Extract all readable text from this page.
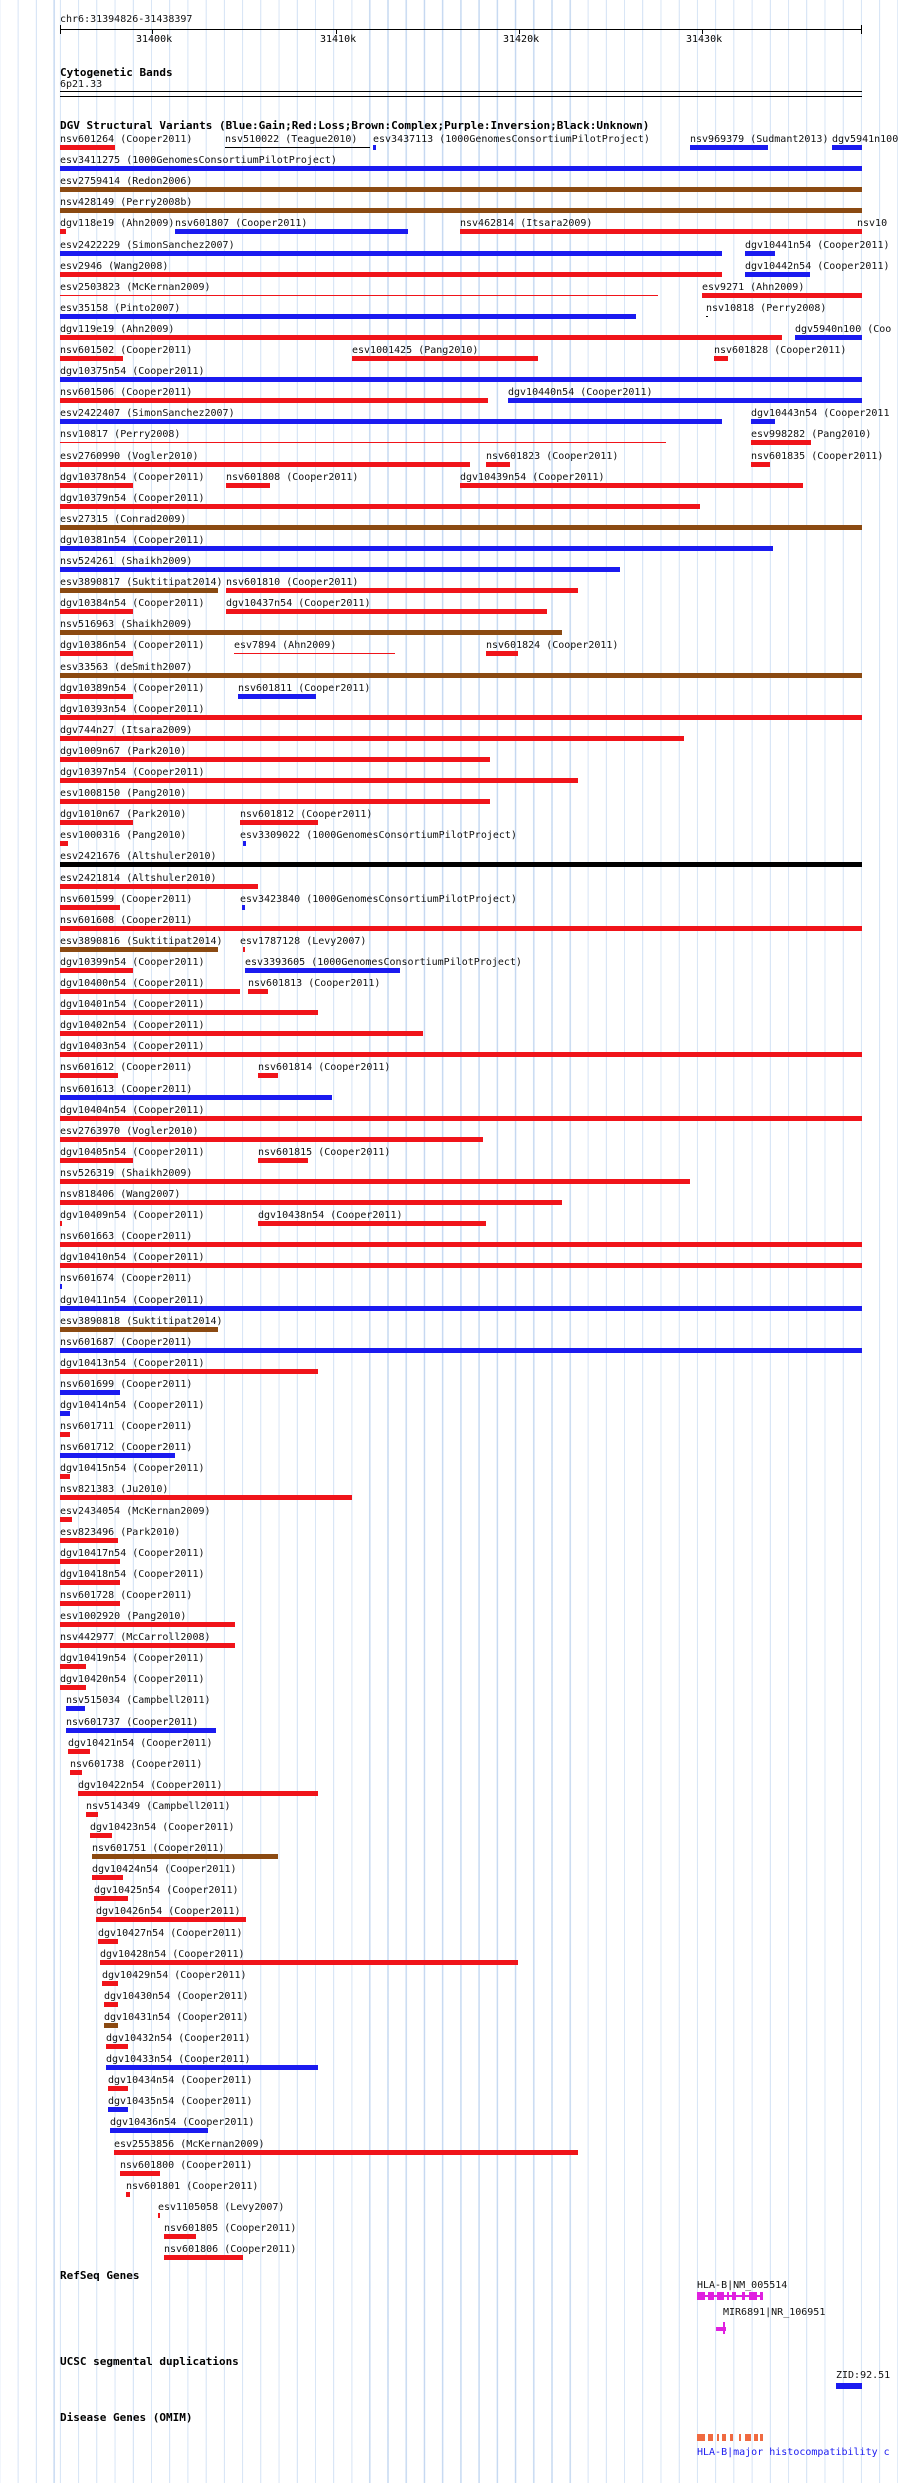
chr6:31394826-31438397
31400k	31410k	31420k	31430k
Cytogenetic Bands
6p21.33
DGV Structural Variants (Blue:Gain;Red:Loss;Brown:Complex;Purple:Inversion;Black:Unknown)
nsv601264 (Cooper2011)	nsv510022 (Teague2010) esv3437113 (1000GenomesConsortiumPilotProject)	nsv969379 (Sudmant2013) dgv5941n100
esv3411275 (1000GenomesConsortiumPilotProject)
esv2759414 (Redon2006)
nsv428149 (Perry2008b)
dgv118e19 (Ahn2009) nsv601807 (Cooper2011)	nsv462814 (Itsara2009)	nsv10
esv2422229 (SimonSanchez2007)	dgv10441n54 (Cooper2011)
esv2946 (Wang2008)	dgv10442n54 (Cooper2011)
esv2503823 (McKernan2009)	esv9271 (Ahn2009)
esv35158 (Pinto2007)	nsv10818 (Perry2008)
dgv119e19 (Ahn2009)	dgv5940n100 (Coo
nsv601502 (Cooper2011)	esv1001425 (Pang2010)	nsv601828 (Cooper2011)
dgv10375n54 (Cooper2011)
nsv601506 (Cooper2011)	dgv10440n54 (Cooper2011)
esv2422407 (SimonSanchez2007)	dgv10443n54 (Cooper2011
nsv10817 (Perry2008)	esv998282 (Pang2010)
esv2760990 (Vogler2010)	nsv601823 (Cooper2011)	nsv601835 (Cooper2011)
dgv10378n54 (Cooper2011) nsv601808 (Cooper2011)	dgv10439n54 (Cooper2011)
dgv10379n54 (Cooper2011)
esv27315 (Conrad2009)
dgv10381n54 (Cooper2011)
nsv524261 (Shaikh2009)
esv3890817 (Suktitipat2014) nsv601810 (Cooper2011)
dgv10384n54 (Cooper2011) dgv10437n54 (Cooper2011)
nsv516963 (Shaikh2009)
dgv10386n54 (Cooper2011)	esv7894 (Ahn2009)	nsv601824 (Cooper2011)
esv33563 (deSmith2007)
dgv10389n54 (Cooper2011)	nsv601811 (Cooper2011)
dgv10393n54 (Cooper2011)
dgv744n27 (Itsara2009)
dgv1009n67 (Park2010)
dgv10397n54 (Cooper2011)
esv1008150 (Pang2010)
dgv1010n67 (Park2010)	nsv601812 (Cooper2011)
esv1000316 (Pang2010)	esv3309022 (1000GenomesConsortiumPilotProject)
esv2421676 (Altshuler2010)
esv2421814 (Altshuler2010)
nsv601599 (Cooper2011)	esv3423840 (1000GenomesConsortiumPilotProject)
nsv601608 (Cooper2011)
esv3890816 (Suktitipat2014) esv1787128 (Levy2007)
dgv10399n54 (Cooper2011)	esv3393605 (1000GenomesConsortiumPilotProject)
dgv10400n54 (Cooper2011)	nsv601813 (Cooper2011)
dgv10401n54 (Cooper2011)
dgv10402n54 (Cooper2011)
dgv10403n54 (Cooper2011)
nsv601612 (Cooper2011)	nsv601814 (Cooper2011)
nsv601613 (Cooper2011)
dgv10404n54 (Cooper2011)
esv2763970 (Vogler2010)
dgv10405n54 (Cooper2011)	nsv601815 (Cooper2011)
nsv526319 (Shaikh2009)
nsv818406 (Wang2007)
dgv10409n54 (Cooper2011)	dgv10438n54 (Cooper2011)
nsv601663 (Cooper2011)
dgv10410n54 (Cooper2011)
nsv601674 (Cooper2011)
dgv10411n54 (Cooper2011)
esv3890818 (Suktitipat2014)
nsv601687 (Cooper2011)
dgv10413n54 (Cooper2011)
nsv601699 (Cooper2011)
dgv10414n54 (Cooper2011)
nsv601711 (Cooper2011)
nsv601712 (Cooper2011)
dgv10415n54 (Cooper2011)
nsv821383 (Ju2010)
esv2434054 (McKernan2009)
esv823496 (Park2010)
dgv10417n54 (Cooper2011)
dgv10418n54 (Cooper2011)
nsv601728 (Cooper2011)
esv1002920 (Pang2010)
nsv442977 (McCarroll2008)
dgv10419n54 (Cooper2011)
dgv10420n54 (Cooper2011)
nsv515034 (Campbell2011)
nsv601737 (Cooper2011)
dgv10421n54 (Cooper2011)
nsv601738 (Cooper2011)
dgv10422n54 (Cooper2011)
nsv514349 (Campbell2011)
dgv10423n54 (Cooper2011)
nsv601751 (Cooper2011)
dgv10424n54 (Cooper2011)
dgv10425n54 (Cooper2011)
dgv10426n54 (Cooper2011)
dgv10427n54 (Cooper2011)
dgv10428n54 (Cooper2011)
dgv10429n54 (Cooper2011)
dgv10430n54 (Cooper2011)
dgv10431n54 (Cooper2011)
dgv10432n54 (Cooper2011)
dgv10433n54 (Cooper2011)
dgv10434n54 (Cooper2011)
dgv10435n54 (Cooper2011)
dgv10436n54 (Cooper2011)
esv2553856 (McKernan2009)
nsv601800 (Cooper2011)
nsv601801 (Cooper2011)
esv1105058 (Levy2007)
nsv601805 (Cooper2011)
nsv601806 (Cooper2011)
RefSeq Genes
HLA-B|NM_005514
MIR6891|NR_106951
UCSC segmental duplications
ZID:92.51
Disease Genes (OMIM)
HLA-B|major histocompatibility c
